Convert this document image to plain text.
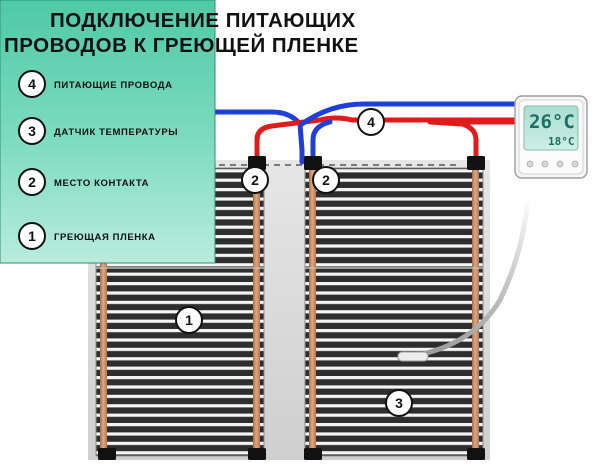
26°C
18°C
4
2	2
1
3
4 ПИТАЮЩИЕ ПРОВОДА
3 ДАТЧИК ТЕМПЕРАТУРЫ
2 МЕСТО КОНТАКТА
1 ГРЕЮЩАЯ ПЛЕНКА
ПОДКЛЮЧЕНИЕ ПИТАЮЩИХ
ПРОВОДОВ К ГРЕЮЩЕЙ ПЛЕНКЕ
